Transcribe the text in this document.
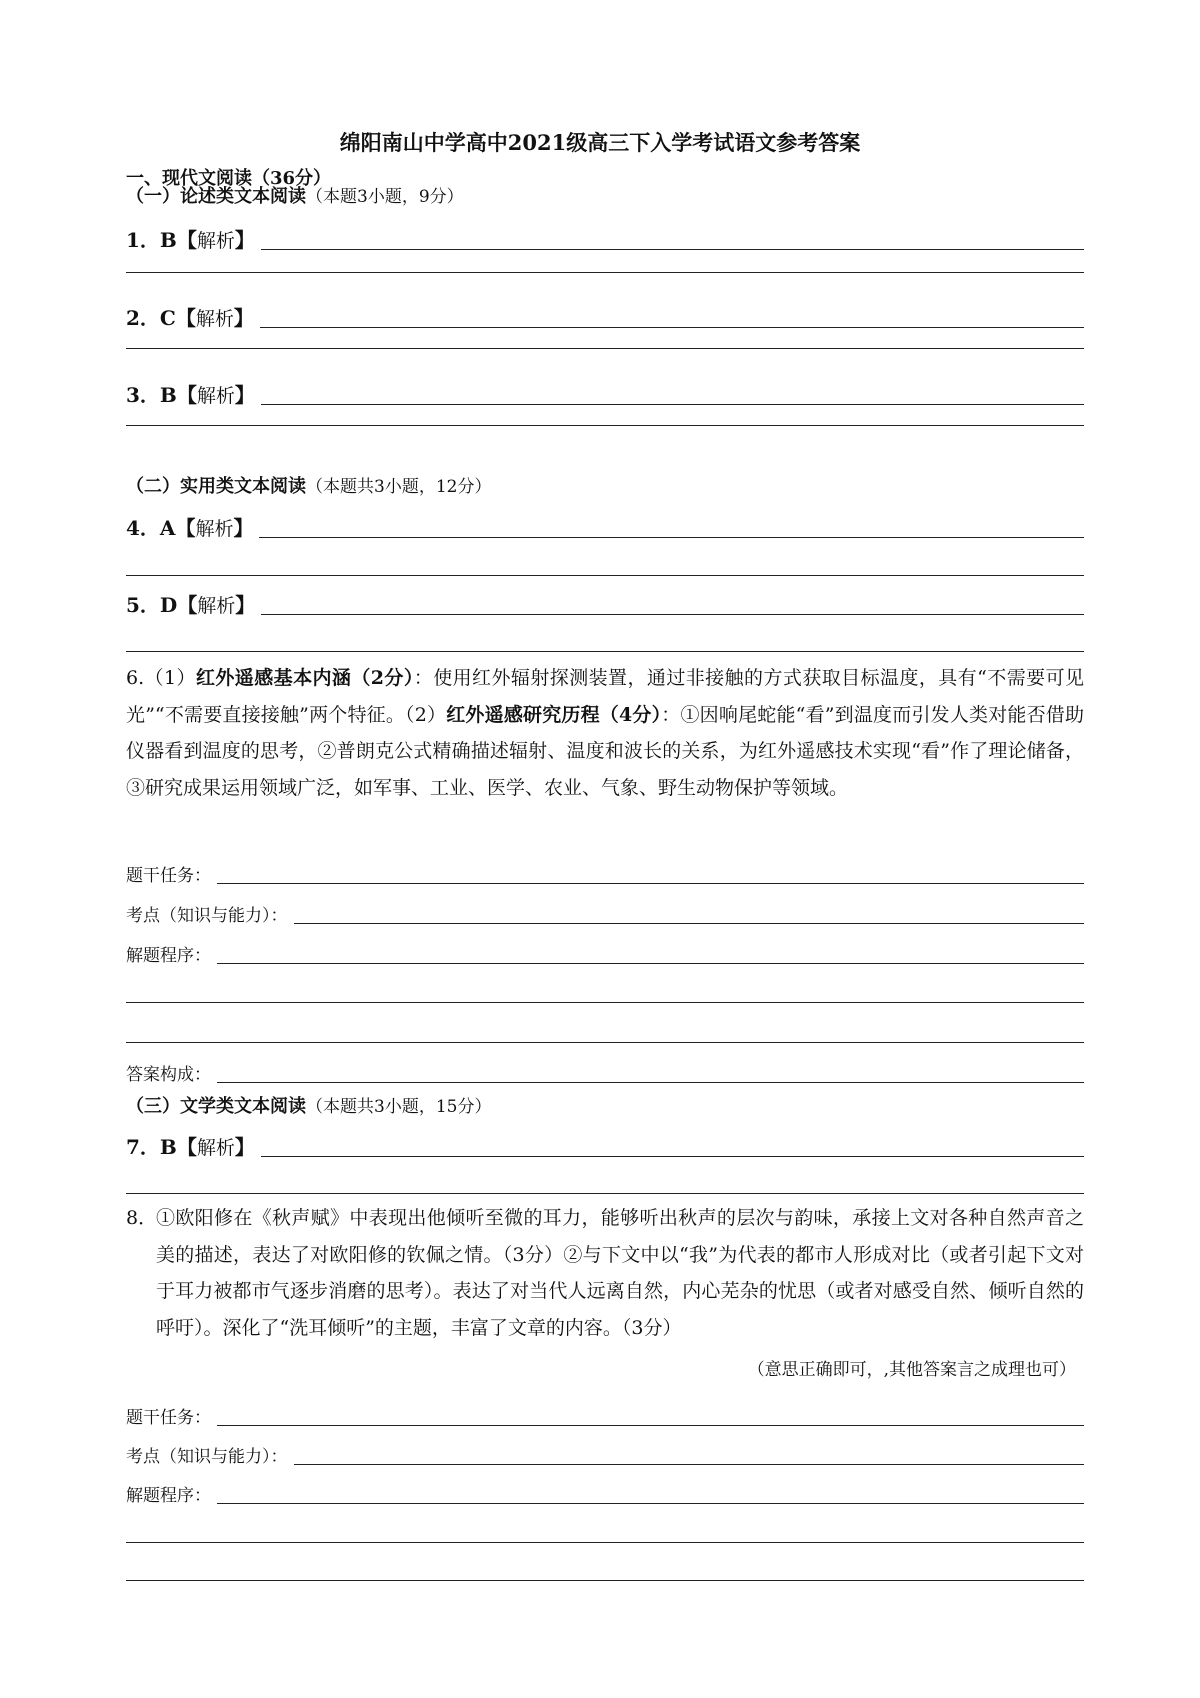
绵阳南山中学高中2021级高三下入学考试语文参考答案
一、现代文阅读（36分）
（一）论述类文本阅读（本题3小题，9分）
1．B【解析】
2．C【解析】
3．B【解析】
（二）实用类文本阅读（本题共3小题，12分）
4．A【解析】
5．D【解析】
6.（1）红外遥感基本内涵（2分）：使用红外辐射探测装置，通过非接触的方式获取目标温度，具有“不需要可见光”“不需要直接接触”两个特征。（2）红外遥感研究历程（4分）：①因响尾蛇能“看”到温度而引发人类对能否借助仪器看到温度的思考，②普朗克公式精确描述辐射、温度和波长的关系，为红外遥感技术实现“看”作了理论储备，③研究成果运用领域广泛，如军事、工业、医学、农业、气象、野生动物保护等领域。
题干任务：
考点（知识与能力）：
解题程序：
答案构成：
（三）文学类文本阅读（本题共3小题，15分）
7．B【解析】
8．
①欧阳修在《秋声赋》中表现出他倾听至微的耳力，能够听出秋声的层次与韵味，承接上文对各种自然声音之美的描述，表达了对欧阳修的钦佩之情。（3分）②与下文中以“我”为代表的都市人形成对比（或者引起下文对于耳力被都市气逐步消磨的思考）。表达了对当代人远离自然，内心芜杂的忧思（或者对感受自然、倾听自然的呼吁）。深化了“洗耳倾听”的主题，丰富了文章的内容。（3分）
（意思正确即可，,其他答案言之成理也可）
题干任务：
考点（知识与能力）：
解题程序：
